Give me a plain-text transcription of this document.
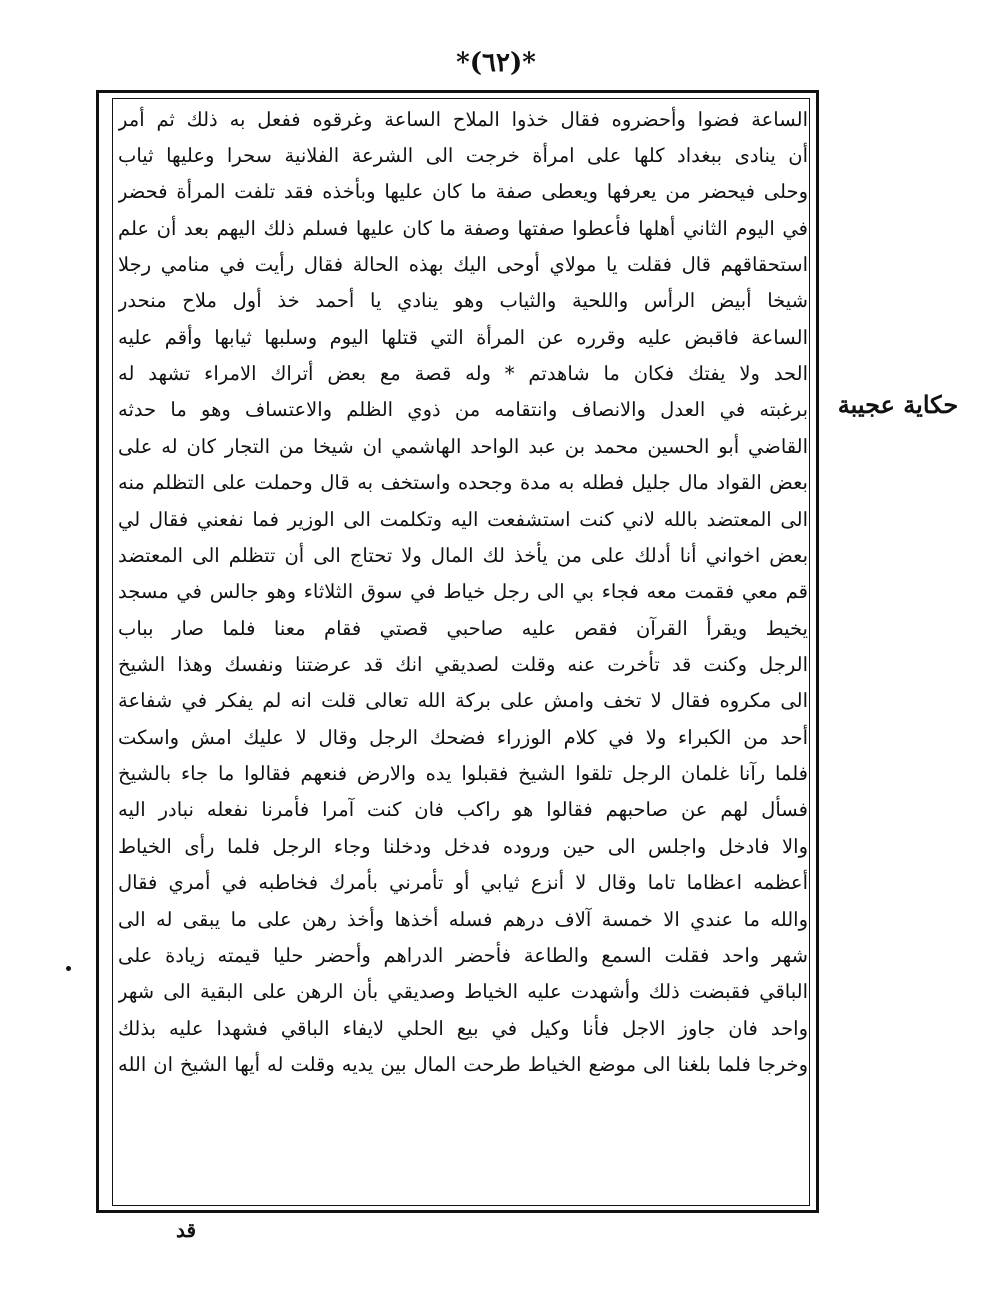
*(٦٢)*
الساعة فضوا وأحضروه فقال خذوا الملاح الساعة وغرقوه ففعل به ذلك ثم أمر
أن ينادى ببغداد كلها على امرأة خرجت الى الشرعة الفلانية سحرا وعليها ثياب
وحلى فيحضر من يعرفها ويعطى صفة ما كان عليها وبأخذه فقد تلفت المرأة فحضر
في اليوم الثاني أهلها فأعطوا صفتها وصفة ما كان عليها فسلم ذلك اليهم بعد أن علم
استحقاقهم قال فقلت يا مولاي أوحى اليك بهذه الحالة فقال رأيت في منامي رجلا
شيخا أبيض الرأس واللحية والثياب وهو ينادي يا أحمد خذ أول ملاح منحدر
الساعة فاقبض عليه وقرره عن المرأة التي قتلها اليوم وسلبها ثيابها وأقم عليه
الحد ولا يفتك فكان ما شاهدتم * وله قصة مع بعض أتراك الامراء تشهد له
برغبته في العدل والانصاف وانتقامه من ذوي الظلم والاعتساف وهو ما حدثه
القاضي أبو الحسين محمد بن عبد الواحد الهاشمي ان شيخا من التجار كان له على
بعض القواد مال جليل فطله به مدة وجحده واستخف به قال وحملت على التظلم منه
الى المعتضد بالله لاني كنت استشفعت اليه وتكلمت الى الوزير فما نفعني فقال لي
بعض اخواني أنا أدلك على من يأخذ لك المال ولا تحتاج الى أن تتظلم الى المعتضد
قم معي فقمت معه فجاء بي الى رجل خياط في سوق الثلاثاء وهو جالس في مسجد
يخيط ويقرأ القرآن فقص عليه صاحبي قصتي فقام معنا فلما صار بباب
الرجل وكنت قد تأخرت عنه وقلت لصديقي انك قد عرضتنا ونفسك وهذا الشيخ
الى مكروه فقال لا تخف وامش على بركة الله تعالى قلت انه لم يفكر في شفاعة
أحد من الكبراء ولا في كلام الوزراء فضحك الرجل وقال لا عليك امش واسكت
فلما رآنا غلمان الرجل تلقوا الشيخ فقبلوا يده والارض فنعهم فقالوا ما جاء بالشيخ
فسأل لهم عن صاحبهم فقالوا هو راكب فان كنت آمرا فأمرنا نفعله نبادر اليه
والا فادخل واجلس الى حين وروده فدخل ودخلنا وجاء الرجل فلما رأى الخياط
أعظمه اعظاما تاما وقال لا أنزع ثيابي أو تأمرني بأمرك فخاطبه في أمري فقال
والله ما عندي الا خمسة آلاف درهم فسله أخذها وأخذ رهن على ما يبقى له الى
شهر واحد فقلت السمع والطاعة فأحضر الدراهم وأحضر حليا قيمته زيادة على
الباقي فقبضت ذلك وأشهدت عليه الخياط وصديقي بأن الرهن على البقية الى شهر
واحد فان جاوز الاجل فأنا وكيل في بيع الحلي لايفاء الباقي فشهدا عليه بذلك
وخرجا فلما بلغنا الى موضع الخياط طرحت المال بين يديه وقلت له أيها الشيخ ان الله
حكاية عجيبة
قد
